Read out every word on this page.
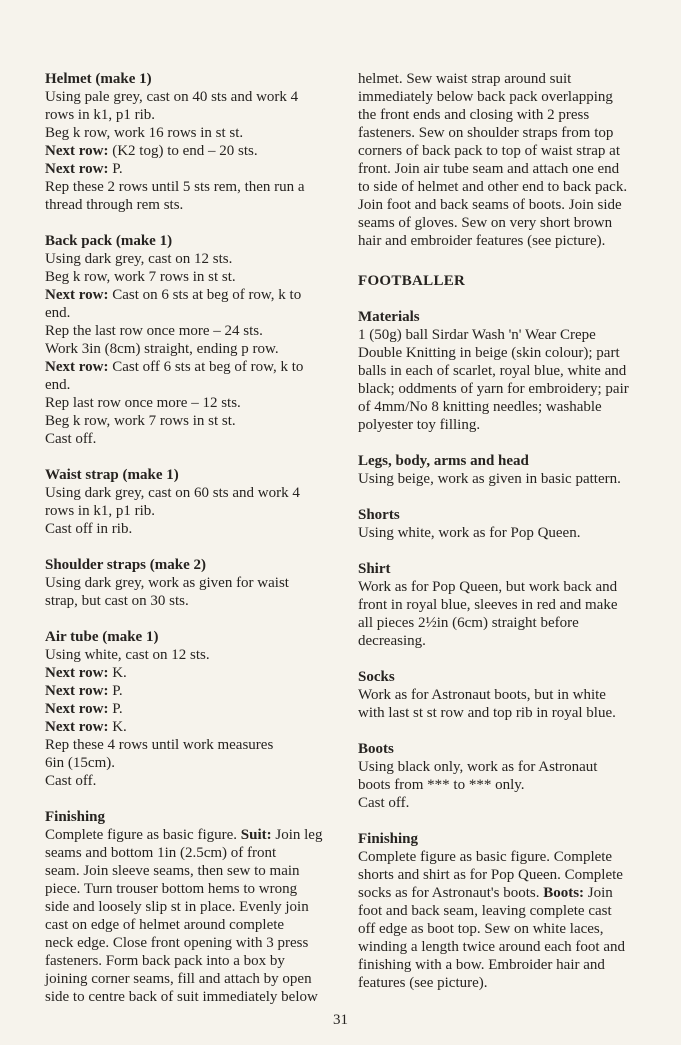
Helmet (make 1)
Using pale grey, cast on 40 sts and work 4
rows in k1, p1 rib.
Beg k row, work 16 rows in st st.
Next row: (K2 tog) to end – 20 sts.
Next row: P.
Rep these 2 rows until 5 sts rem, then run a
thread through rem sts.
Back pack (make 1)
Using dark grey, cast on 12 sts.
Beg k row, work 7 rows in st st.
Next row: Cast on 6 sts at beg of row, k to
end.
Rep the last row once more – 24 sts.
Work 3in (8cm) straight, ending p row.
Next row: Cast off 6 sts at beg of row, k to
end.
Rep last row once more – 12 sts.
Beg k row, work 7 rows in st st.
Cast off.
Waist strap (make 1)
Using dark grey, cast on 60 sts and work 4
rows in k1, p1 rib.
Cast off in rib.
Shoulder straps (make 2)
Using dark grey, work as given for waist
strap, but cast on 30 sts.
Air tube (make 1)
Using white, cast on 12 sts.
Next row: K.
Next row: P.
Next row: P.
Next row: K.
Rep these 4 rows until work measures
6in (15cm).
Cast off.
Finishing
Complete figure as basic figure. Suit: Join leg
seams and bottom 1in (2.5cm) of front
seam. Join sleeve seams, then sew to main
piece. Turn trouser bottom hems to wrong
side and loosely slip st in place. Evenly join
cast on edge of helmet around complete
neck edge. Close front opening with 3 press
fasteners. Form back pack into a box by
joining corner seams, fill and attach by open
side to centre back of suit immediately below
helmet. Sew waist strap around suit
immediately below back pack overlapping
the front ends and closing with 2 press
fasteners. Sew on shoulder straps from top
corners of back pack to top of waist strap at
front. Join air tube seam and attach one end
to side of helmet and other end to back pack.
Join foot and back seams of boots. Join side
seams of gloves. Sew on very short brown
hair and embroider features (see picture).
FOOTBALLER
Materials
1 (50g) ball Sirdar Wash 'n' Wear Crepe
Double Knitting in beige (skin colour); part
balls in each of scarlet, royal blue, white and
black; oddments of yarn for embroidery; pair
of 4mm/No 8 knitting needles; washable
polyester toy filling.
Legs, body, arms and head
Using beige, work as given in basic pattern.
Shorts
Using white, work as for Pop Queen.
Shirt
Work as for Pop Queen, but work back and
front in royal blue, sleeves in red and make
all pieces 2½in (6cm) straight before
decreasing.
Socks
Work as for Astronaut boots, but in white
with last st st row and top rib in royal blue.
Boots
Using black only, work as for Astronaut
boots from *** to *** only.
Cast off.
Finishing
Complete figure as basic figure. Complete
shorts and shirt as for Pop Queen. Complete
socks as for Astronaut's boots. Boots: Join
foot and back seam, leaving complete cast
off edge as boot top. Sew on white laces,
winding a length twice around each foot and
finishing with a bow. Embroider hair and
features (see picture).
31
